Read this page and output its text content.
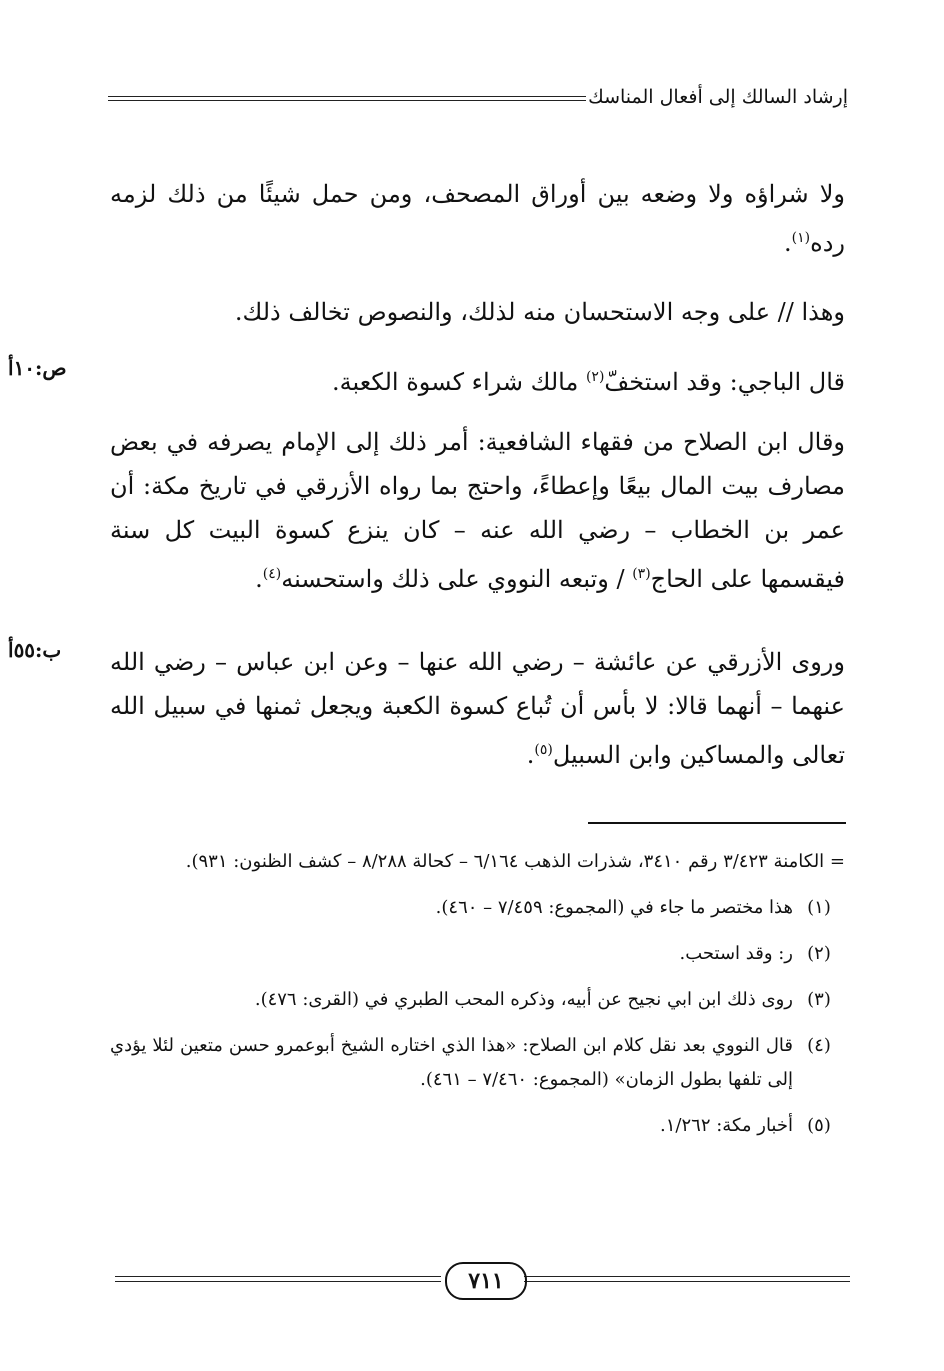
إرشاد السالك إلى أفعال المناسك
ص:١٠أ
ب:٥٥أ

ولا شراؤه ولا وضعه بين أوراق المصحف، ومن حمل شيئًا من ذلك لزمه رده$^{(١)}$.

وهذا // على وجه الاستحسان منه لذلك، والنصوص تخالف ذلك.

قال الباجي: وقد استخفّ$^{(٢)}$ مالك شراء كسوة الكعبة.

وقال ابن الصلاح من فقهاء الشافعية: أمر ذلك إلى الإمام يصرفه في بعض مصارف بيت المال بيعًا وإعطاءً، واحتج بما رواه الأزرقي في تاريخ مكة: أن عمر بن الخطاب – رضي الله عنه – كان ينزع كسوة البيت كل سنة فيقسمها على الحاج$^{(٣)}$ / وتبعه النووي على ذلك واستحسنه$^{(٤)}$.

وروى الأزرقي عن عائشة – رضي الله عنها – وعن ابن عباس – رضي الله عنهما – أنهما قالا: لا بأس أن تُباع كسوة الكعبة ويجعل ثمنها في سبيل الله تعالى والمساكين وابن السبيل$^{(٥)}$.

= الكامنة ٣/٤٢٣ رقم ٣٤١٠، شذرات الذهب ٦/١٦٤ – كحالة ٨/٢٨٨ – كشف الظنون: ٩٣١).

(١)
هذا مختصر ما جاء في (المجموع: ٧/٤٥٩ – ٤٦٠).
(٢)
ر: وقد استحب.
(٣)
روى ذلك ابن ابي نجيح عن أبيه، وذكره المحب الطبري في (القرى: ٤٧٦).
(٤)
قال النووي بعد نقل كلام ابن الصلاح: «هذا الذي اختاره الشيخ أبوعمرو حسن متعين لئلا يؤدي إلى تلفها بطول الزمان» (المجموع: ٧/٤٦٠ – ٤٦١).
(٥)
أخبار مكة: ١/٢٦٢.
٧١١
